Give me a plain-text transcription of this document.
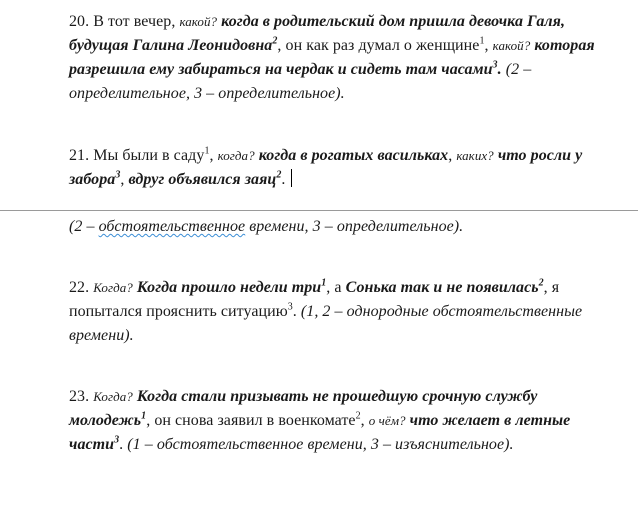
20. В тот вечер, какой? когда в родительский дом пришла девочка Галя, будущая Галина Леонидовна$^2$, он как раз думал о женщине$^1$, какой? которая разрешила ему забираться на чердак и сидеть там часами$^3$. (2 – определительное, 3 – определительное).
21. Мы были в саду$^1$, когда? когда в рогатых васильках, каких? что росли у забора$^3$, вдруг объявился заяц$^2$.
(2 – обстоятельственное времени, 3 – определительное).
22. Когда? Когда прошло недели три$^1$, а Сонька так и не появилась$^2$, я попытался прояснить ситуацию$^3$. (1, 2 – однородные обстоятельственные времени).
23. Когда? Когда стали призывать не прошедшую срочную службу молодежь$^1$, он снова заявил в военкомате$^2$, о чём? что желает в летные части$^3$. (1 – обстоятельственное времени, 3 – изъяснительное).
